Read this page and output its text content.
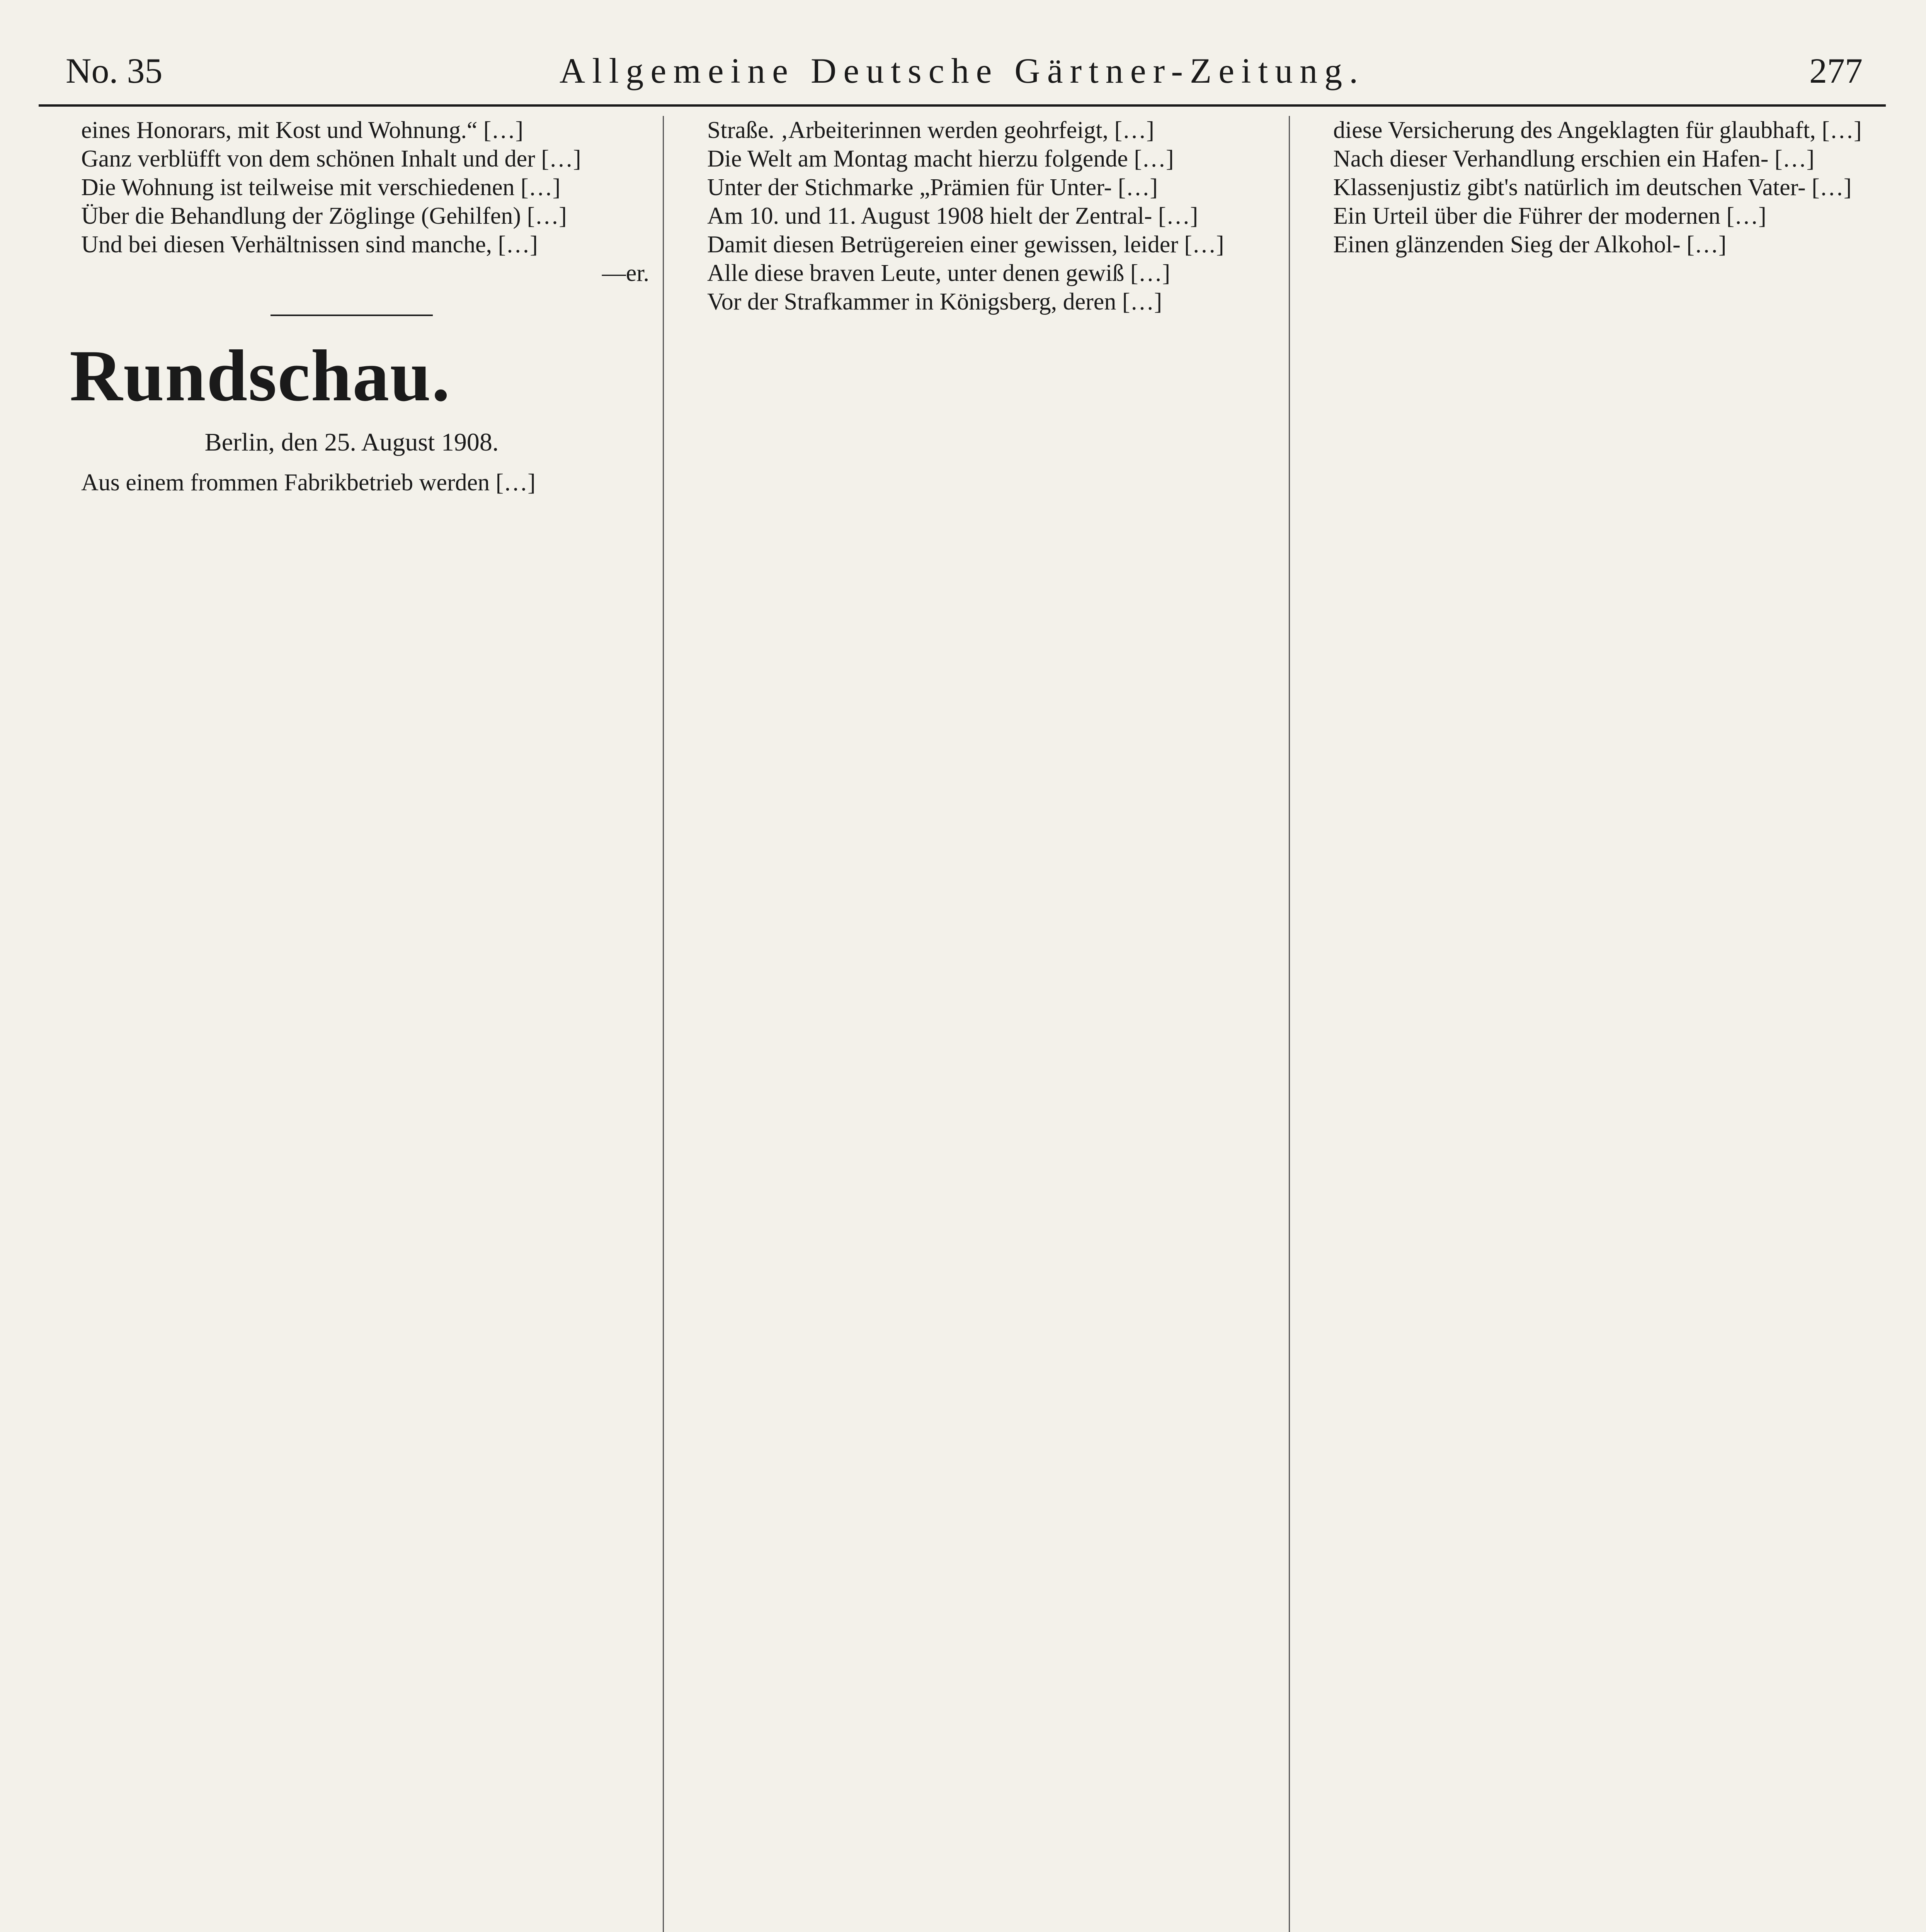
No. 35	Allgemeine Deutsche Gärtner-Zeitung.	277

eines Honorars, mit Kost und Wohnung.“ […]

Ganz verblüfft von dem schönen Inhalt und der […]

Die Wohnung ist teilweise mit verschiedenen […]

Über die Behandlung der Zöglinge (Gehilfen) […]

Und bei diesen Verhältnissen sind manche, […]

—er.

Rundschau.
Berlin, den 25. August 1908.

Aus einem frommen Fabrikbetrieb werden […]

Straße. ‚Arbeiterinnen werden geohrfeigt, […]

Die Welt am Montag macht hierzu folgende […]

Unter der Stichmarke „Prämien für Unter- […]

Am 10. und 11. August 1908 hielt der Zentral- […]

Damit diesen Betrügereien einer gewissen, leider […]

Alle diese braven Leute, unter denen gewiß […]

Vor der Strafkammer in Königsberg, deren […]

diese Versicherung des Angeklagten für glaubhaft, […]

Nach dieser Verhandlung erschien ein Hafen- […]

Klassenjustiz gibt's natürlich im deutschen Vater- […]

Ein Urteil über die Führer der modernen […]

Einen glänzenden Sieg der Alkohol- […]
